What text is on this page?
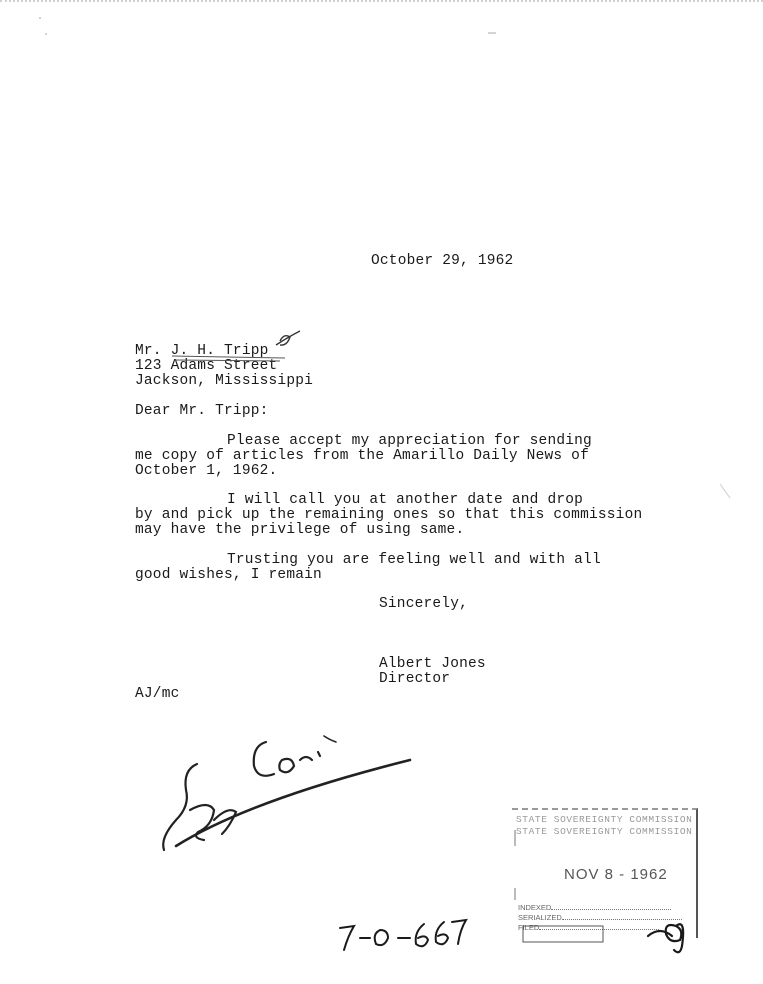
October 29, 1962
Mr. J. H. Tripp
123 Adams Street
Jackson, Mississippi
Dear Mr. Tripp:
Please accept my appreciation for sending
me copy of articles from the Amarillo Daily News of
October 1, 1962.
I will call you at another date and drop
by and pick up the remaining ones so that this commission
may have the privilege of using same.
Trusting you are feeling well and with all
good wishes, I remain
Sincerely,
Albert Jones
Director
AJ/mc
STATE SOVEREIGNTY COMMISSION
STATE SOVEREIGNTY COMMISSION
NOV 8 - 1962
INDEXED
SERIALIZED
FILED
